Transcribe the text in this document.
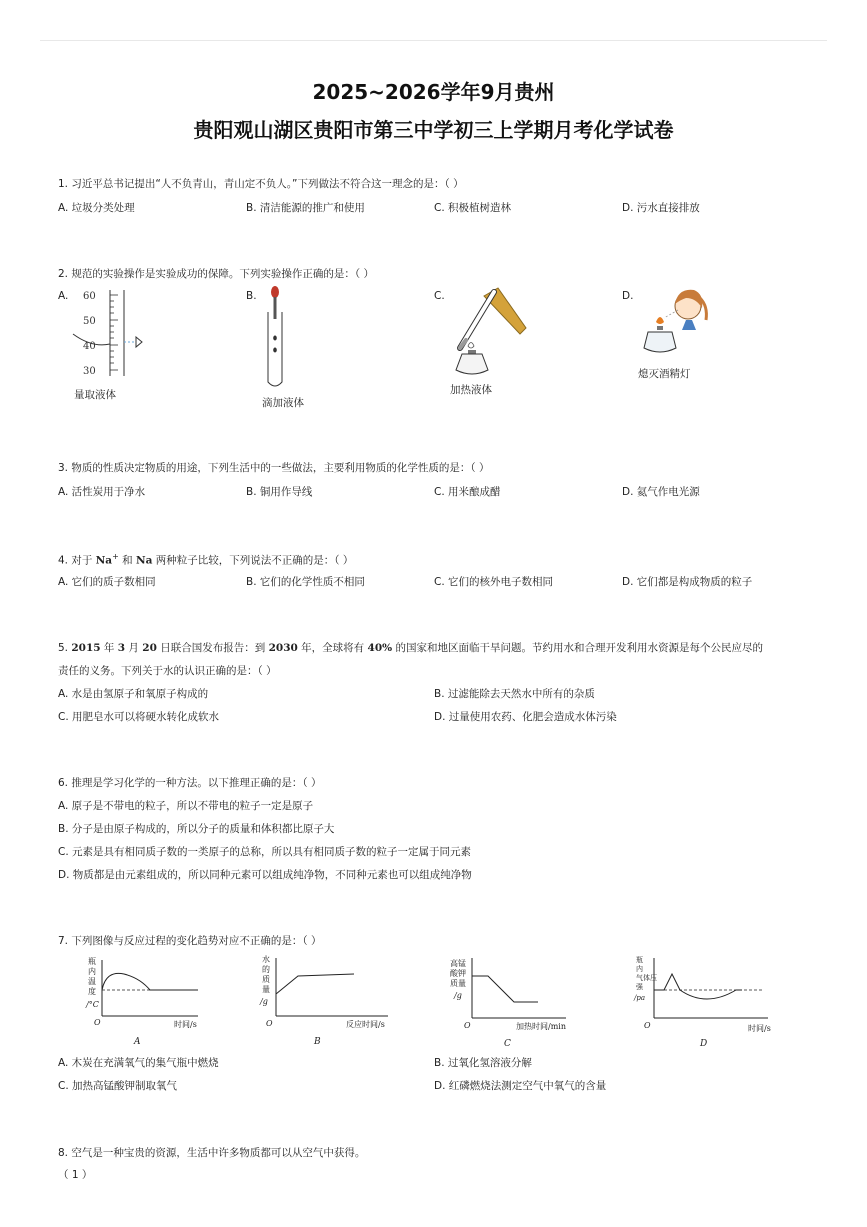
2025~2026学年9月贵州
贵阳观山湖区贵阳市第三中学初三上学期月考化学试卷
1. 习近平总书记提出“人不负青山，青山定不负人。”下列做法不符合这一理念的是：（ ）
A. 垃圾分类处理	B. 清洁能源的推广和使用	C. 积极植树造林	D. 污水直接排放
2. 规范的实验操作是实验成功的保障。下列实验操作正确的是：（ ）
A.	B.	C.	D.
60
50
40
30
量取液体
滴加液体
加热液体
熄灭酒精灯
3. 物质的性质决定物质的用途，下列生活中的一些做法，主要利用物质的化学性质的是：（ ）
A. 活性炭用于净水	B. 铜用作导线	C. 用米酿成醋	D. 氦气作电光源
4. 对于 Na+ 和 Na 两种粒子比较，下列说法不正确的是：（ ）
A. 它们的质子数相同	B. 它们的化学性质不相同	C. 它们的核外电子数相同	D. 它们都是构成物质的粒子
5. 2015 年 3 月 20 日联合国发布报告：到 2030 年，全球将有 40% 的国家和地区面临干旱问题。节约用水和合理开发利用水资源是每个公民应尽的
责任的义务。下列关于水的认识正确的是：（ ）
A. 水是由氢原子和氧原子构成的	B. 过滤能除去天然水中所有的杂质
C. 用肥皂水可以将硬水转化成软水	D. 过量使用农药、化肥会造成水体污染
6. 推理是学习化学的一种方法。以下推理正确的是：（ ）
A. 原子是不带电的粒子，所以不带电的粒子一定是原子
B. 分子是由原子构成的，所以分子的质量和体积都比原子大
C. 元素是具有相同质子数的一类原子的总称，所以具有相同质子数的粒子一定属于同元素
D. 物质都是由元素组成的，所以同种元素可以组成纯净物，不同种元素也可以组成纯净物
7. 下列图像与反应过程的变化趋势对应不正确的是：（ ）
瓶
内
温
度
/°C
O	时间/s
A
水
的
质
量
/g
O	反应时间/s
B
高锰
酸钾
质量
/g
O	加热时间/min
C
瓶
内
气体压
强
/pa
O	时间/s
D
A. 木炭在充满氧气的集气瓶中燃烧	B. 过氧化氢溶液分解
C. 加热高锰酸钾制取氧气	D. 红磷燃烧法测定空气中氧气的含量
8. 空气是一种宝贵的资源，生活中许多物质都可以从空气中获得。
（ 1 ）
